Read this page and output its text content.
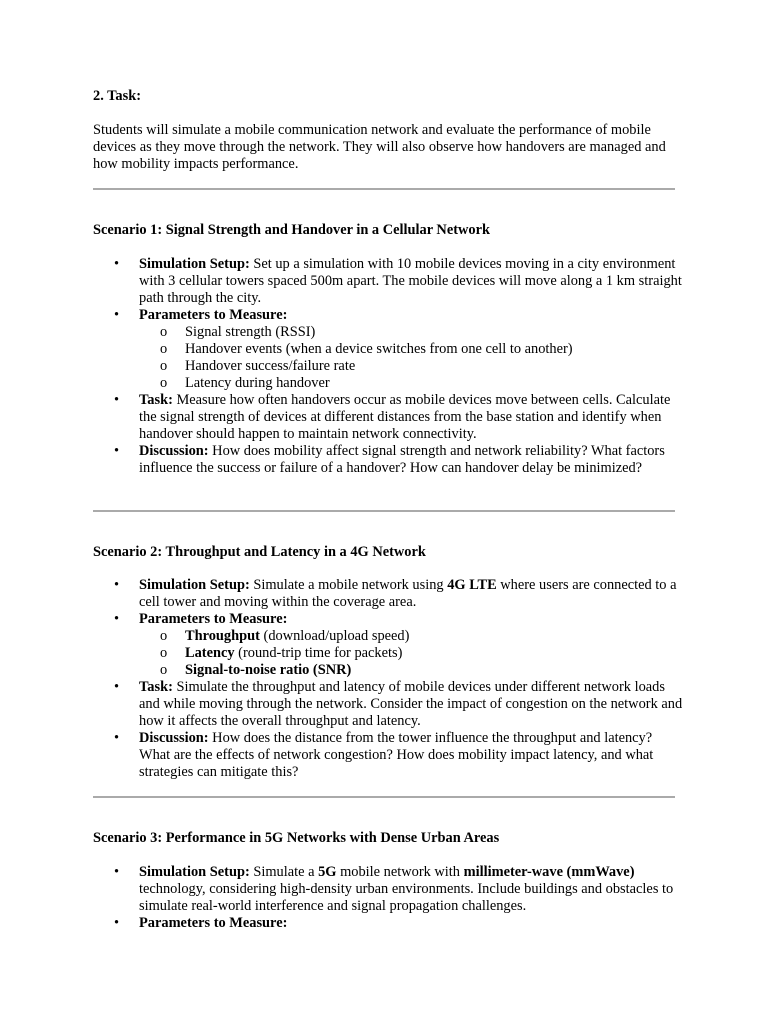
2. Task:
Students will simulate a mobile communication network and evaluate the performance of mobile devices as they move through the network. They will also observe how handovers are managed and how mobility impacts performance.
Scenario 1: Signal Strength and Handover in a Cellular Network
• Simulation Setup: Set up a simulation with 10 mobile devices moving in a city environment with 3 cellular towers spaced 500m apart. The mobile devices will move along a 1 km straight path through the city.
• Parameters to Measure:
o Signal strength (RSSI)
o Handover events (when a device switches from one cell to another)
o Handover success/failure rate
o Latency during handover
• Task: Measure how often handovers occur as mobile devices move between cells. Calculate the signal strength of devices at different distances from the base station and identify when handover should happen to maintain network connectivity.
• Discussion: How does mobility affect signal strength and network reliability? What factors influence the success or failure of a handover? How can handover delay be minimized?
Scenario 2: Throughput and Latency in a 4G Network
• Simulation Setup: Simulate a mobile network using 4G LTE where users are connected to a cell tower and moving within the coverage area.
• Parameters to Measure:
o Throughput (download/upload speed)
o Latency (round-trip time for packets)
o Signal-to-noise ratio (SNR)
• Task: Simulate the throughput and latency of mobile devices under different network loads and while moving through the network. Consider the impact of congestion on the network and how it affects the overall throughput and latency.
• Discussion: How does the distance from the tower influence the throughput and latency? What are the effects of network congestion? How does mobility impact latency, and what strategies can mitigate this?
Scenario 3: Performance in 5G Networks with Dense Urban Areas
• Simulation Setup: Simulate a 5G mobile network with millimeter-wave (mmWave) technology, considering high-density urban environments. Include buildings and obstacles to simulate real-world interference and signal propagation challenges.
• Parameters to Measure:
